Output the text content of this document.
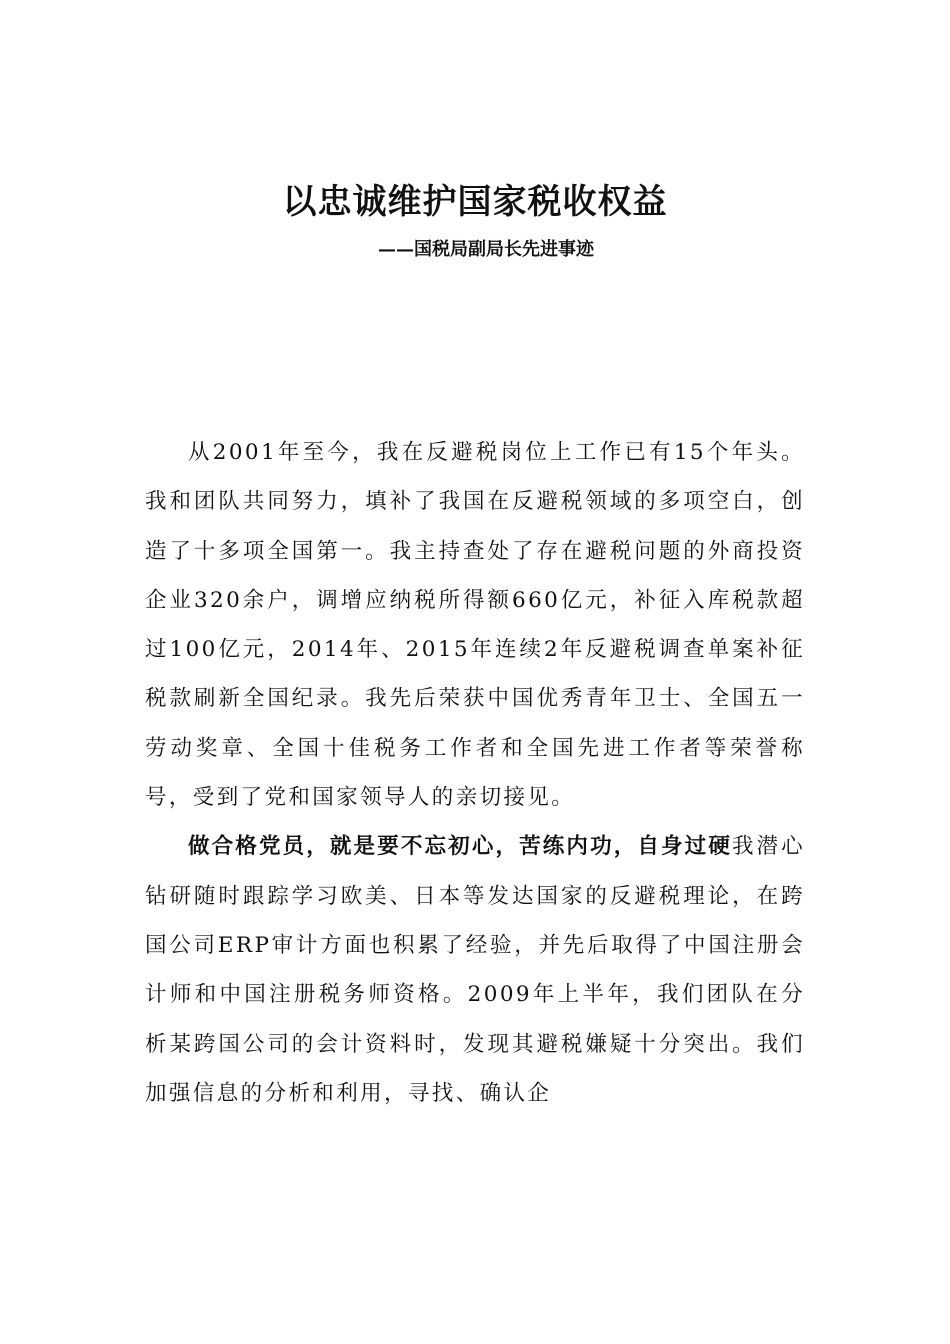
以忠诚维护国家税收权益
——国税局副局长先进事迹

从2001年至今，我在反避税岗位上工作已有15个年头。我和团队共同努力，填补了我国在反避税领域的多项空白，创造了十多项全国第一。我主持查处了存在避税问题的外商投资企业320余户，调增应纳税所得额660亿元，补征入库税款超过100亿元，2014年、2015年连续2年反避税调查单案补征税款刷新全国纪录。我先后荣获中国优秀青年卫士、全国五一劳动奖章、全国十佳税务工作者和全国先进工作者等荣誉称号，受到了党和国家领导人的亲切接见。

做合格党员，就是要不忘初心，苦练内功，自身过硬我潜心钻研随时跟踪学习欧美、日本等发达国家的反避税理论，在跨国公司ERP审计方面也积累了经验，并先后取得了中国注册会计师和中国注册税务师资格。2009年上半年，我们团队在分析某跨国公司的会计资料时，发现其避税嫌疑十分突出。我们加强信息的分析和利用，寻找、确认企
